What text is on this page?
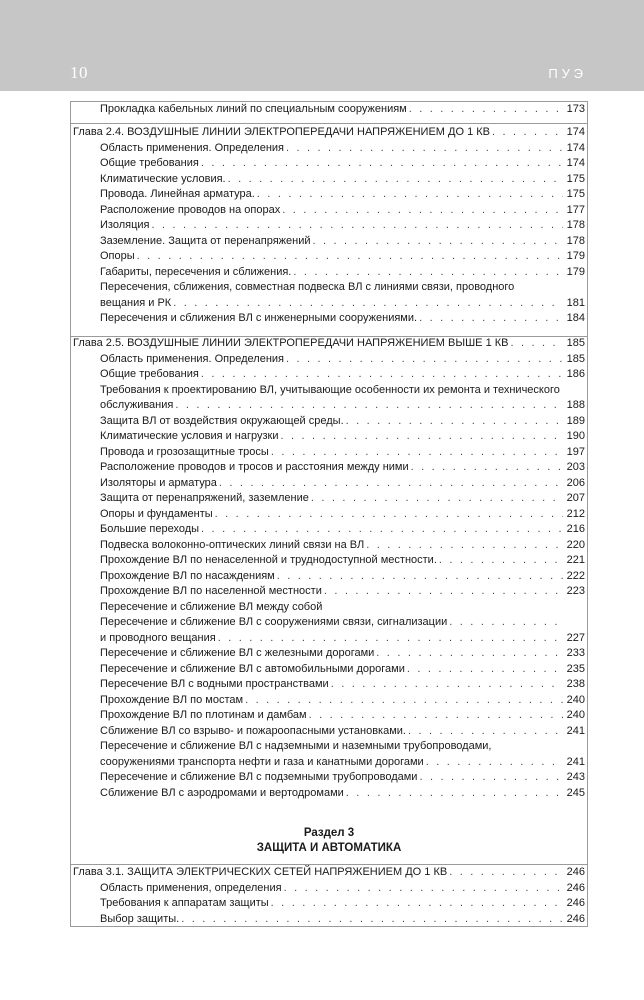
10	ПУЭ
Прокладка кабельных линий по специальным сооружениям . . .	173
Глава 2.4. ВОЗДУШНЫЕ ЛИНИИ ЭЛЕКТРОПЕРЕДАЧИ НАПРЯЖЕНИЕМ ДО 1 КВ . . .	174
Область применения. Определения . . .	174
Общие требования . . .	174
Климатические условия. . . .	175
Провода. Линейная арматура. . . .	175
Расположение проводов на опорах . . .	177
Изоляция . . .	178
Заземление. Защита от перенапряжений . . .	178
Опоры . . .	179
Габариты, пересечения и сближения. . . .	179
Пересечения, сближения, совместная подвеска ВЛ с линиями связи, проводного
вещания и РК . . .	181
Пересечения и сближения ВЛ с инженерными сооружениями. . . .	184
Глава 2.5. ВОЗДУШНЫЕ ЛИНИИ ЭЛЕКТРОПЕРЕДАЧИ НАПРЯЖЕНИЕМ ВЫШЕ 1 КВ . . .	185
Область применения. Определения . . .	185
Общие требования . . .	186
Требования к проектированию ВЛ, учитывающие особенности их ремонта и технического
обслуживания . . .	188
Защита ВЛ от воздействия окружающей среды. . . .	189
Климатические условия и нагрузки . . .	190
Провода и грозозащитные тросы . . .	197
Расположение проводов и тросов и расстояния между ними . . .	203
Изоляторы и арматура . . .	206
Защита от перенапряжений, заземление . . .	207
Опоры и фундаменты . . .	212
Большие переходы . . .	216
Подвеска волоконно-оптических линий связи на ВЛ . . .	220
Прохождение ВЛ по ненаселенной и труднодоступной местности. . . .	221
Прохождение ВЛ по насаждениям . . .	222
Прохождение ВЛ по населенной местности . . .	223
Пересечение и сближение ВЛ между собой
Пересечение и сближение ВЛ с сооружениями связи, сигнализации
. . .
и проводного вещания . . .	227
Пересечение и сближение ВЛ с железными дорогами . . .	233
Пересечение и сближение ВЛ с автомобильными дорогами . . .	235
Пересечение ВЛ с водными пространствами . . .	238
Прохождение ВЛ по мостам . . .	240
Прохождение ВЛ по плотинам и дамбам . . .	240
Сближение ВЛ со взрыво- и пожароопасными установками. . . .	241
Пересечение и сближение ВЛ с надземными и наземными трубопроводами,
сооружениями транспорта нефти и газа и канатными дорогами . . .	241
Пересечение и сближение ВЛ с подземными трубопроводами . . .	243
Сближение ВЛ с аэродромами и вертодромами . . .	245
Раздел 3
ЗАЩИТА И АВТОМАТИКА
Глава 3.1. ЗАЩИТА ЭЛЕКТРИЧЕСКИХ СЕТЕЙ НАПРЯЖЕНИЕМ ДО 1 КВ . . .	246
Область применения, определения . . .	246
Требования к аппаратам защиты . . .	246
Выбор защиты. . . .	246
